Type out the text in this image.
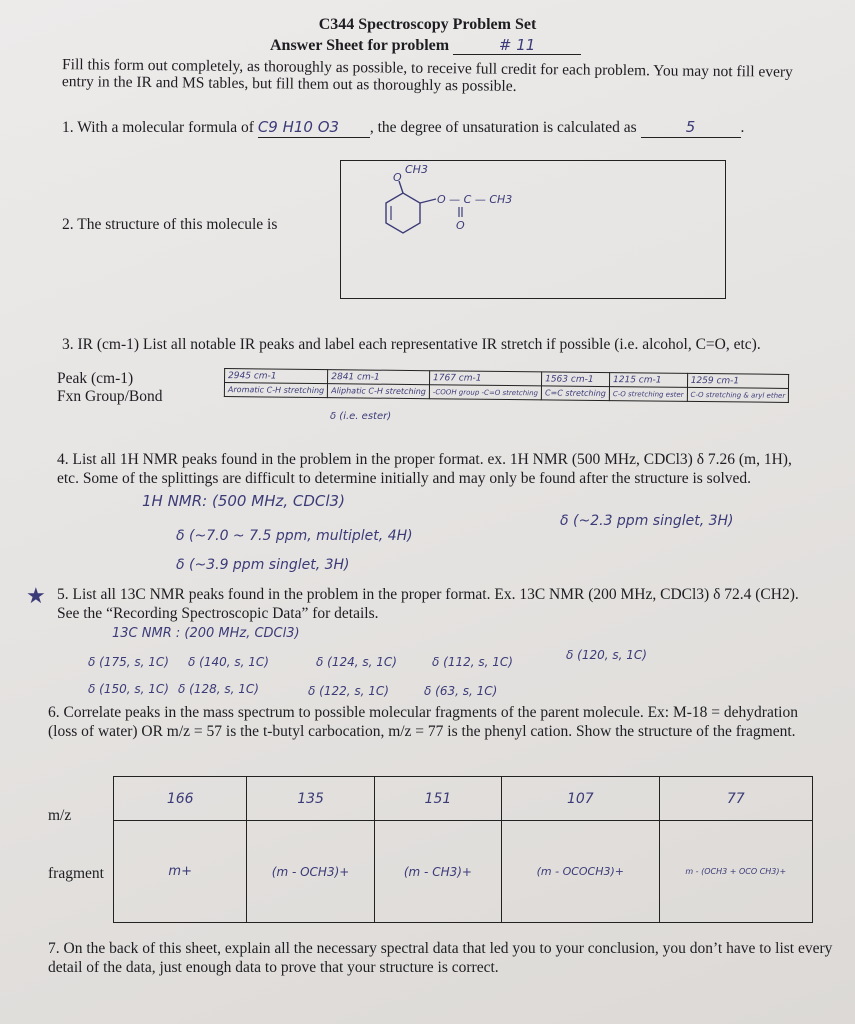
C344 Spectroscopy Problem Set
Answer Sheet for problem	# 11
Fill this form out completely, as thoroughly as possible, to receive full credit for each problem. You may not fill every entry in the IR and MS tables, but fill them out as thoroughly as possible.
1. With a molecular formula of C9 H10 O3 , the degree of unsaturation is calculated as	5	.
2. The structure of this molecule is
O
CH3
O — C — CH3
O
3. IR (cm-1) List all notable IR peaks and label each representative IR stretch if possible (i.e. alcohol, C=O, etc).
Peak (cm-1)
Fxn Group/Bond
2945 cm-1	2841 cm-1	1767 cm-1	1563 cm-1	1215 cm-1	1259 cm-1
Aromatic C-H stretching	Aliphatic C-H stretching	-COOH group -C=O stretching	C=C stretching	C-O stretching ester	C-O stretching & aryl ether
δ (i.e. ester)
4. List all 1H NMR peaks found in the problem in the proper format. ex. 1H NMR (500 MHz, CDCl3) δ 7.26 (m, 1H), etc. Some of the splittings are difficult to determine initially and may only be found after the structure is solved.
1H NMR: (500 MHz, CDCl3)
δ (~7.0 ~ 7.5 ppm, multiplet, 4H)
δ (~3.9 ppm singlet, 3H)
δ (~2.3 ppm singlet, 3H)
★ 5. List all 13C NMR peaks found in the problem in the proper format. Ex. 13C NMR (200 MHz, CDCl3) δ 72.4 (CH2). See the “Recording Spectroscopic Data” for details.
13C NMR : (200 MHz, CDCl3)
δ (175, s, 1C) δ (140, s, 1C)	δ (124, s, 1C)	δ (112, s, 1C)	δ (120, s, 1C)
δ (150, s, 1C) δ (128, s, 1C)	δ (122, s, 1C)	δ (63, s, 1C)
6. Correlate peaks in the mass spectrum to possible molecular fragments of the parent molecule. Ex: M-18 = dehydration (loss of water) OR m/z = 57 is the t-butyl carbocation, m/z = 77 is the phenyl cation. Show the structure of the fragment.
m/z
fragment
166	135	151	107	77
m+	(m - OCH3)+	(m - CH3)+	(m - OCOCH3)+	m - (OCH3 + OCO CH3)+
7. On the back of this sheet, explain all the necessary spectral data that led you to your conclusion, you don’t have to list every detail of the data, just enough data to prove that your structure is correct.
